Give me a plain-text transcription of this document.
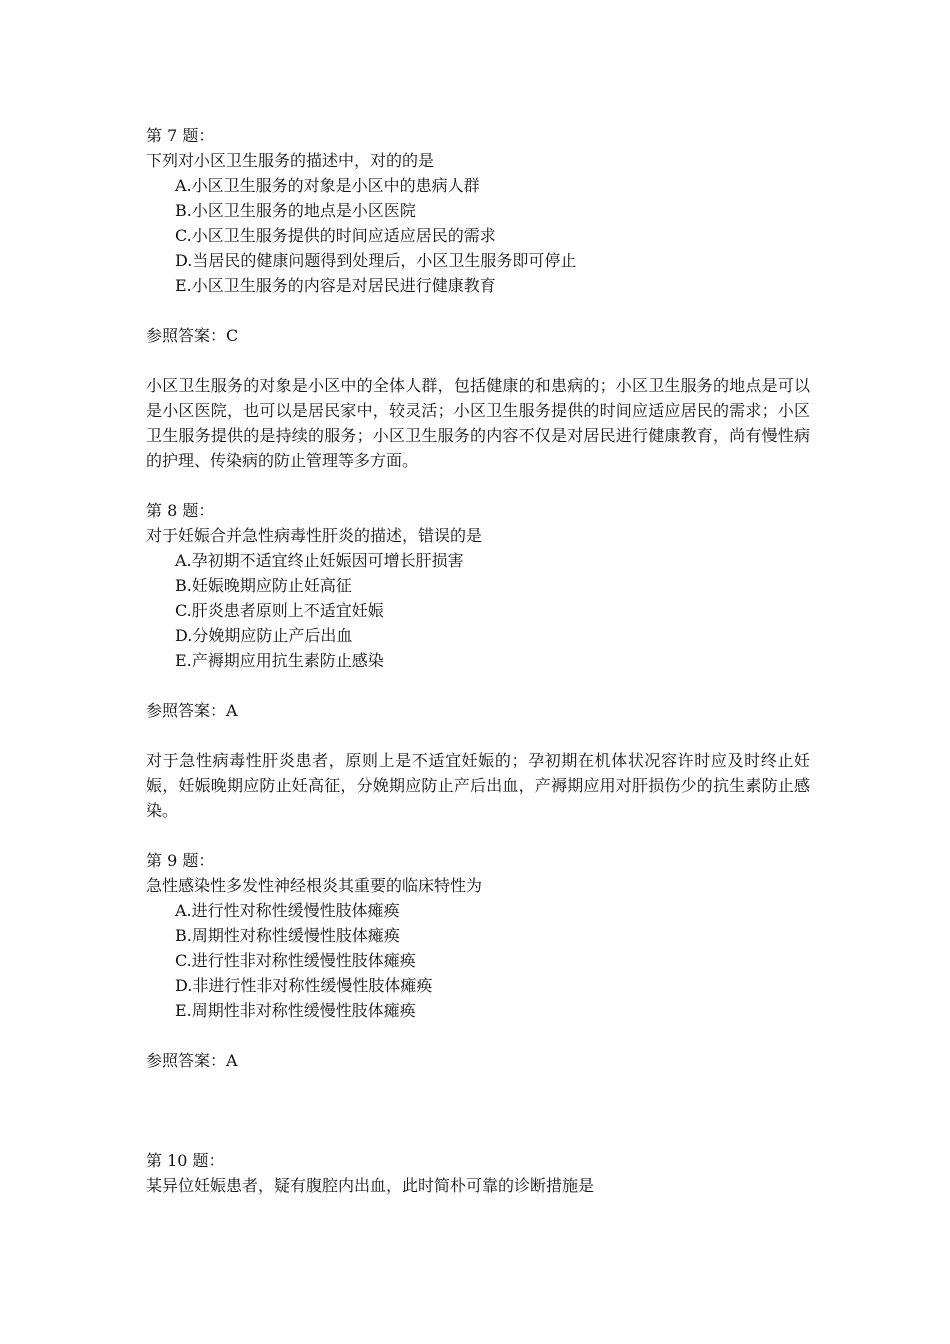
第 7 题：

下列对小区卫生服务的描述中，对的的是

A.小区卫生服务的对象是小区中的患病人群
B.小区卫生服务的地点是小区医院
C.小区卫生服务提供的时间应适应居民的需求
D.当居民的健康问题得到处理后，小区卫生服务即可停止
E.小区卫生服务的内容是对居民进行健康教育

参照答案：C

小区卫生服务的对象是小区中的全体人群，包括健康的和患病的；小区卫生服务的地点是可以是小区医院，也可以是居民家中，较灵活；小区卫生服务提供的时间应适应居民的需求；小区卫生服务提供的是持续的服务；小区卫生服务的内容不仅是对居民进行健康教育，尚有慢性病的护理、传染病的防止管理等多方面。

第 8 题：

对于妊娠合并急性病毒性肝炎的描述，错误的是

A.孕初期不适宜终止妊娠因可增长肝损害
B.妊娠晚期应防止妊高征
C.肝炎患者原则上不适宜妊娠
D.分娩期应防止产后出血
E.产褥期应用抗生素防止感染

参照答案：A

对于急性病毒性肝炎患者，原则上是不适宜妊娠的；孕初期在机体状况容许时应及时终止妊娠，妊娠晚期应防止妊高征，分娩期应防止产后出血，产褥期应用对肝损伤少的抗生素防止感染。

第 9 题：

急性感染性多发性神经根炎其重要的临床特性为

A.进行性对称性缓慢性肢体瘫痪
B.周期性对称性缓慢性肢体瘫痪
C.进行性非对称性缓慢性肢体瘫痪
D.非进行性非对称性缓慢性肢体瘫痪
E.周期性非对称性缓慢性肢体瘫痪

参照答案：A

第 10 题：

某异位妊娠患者，疑有腹腔内出血，此时简朴可靠的诊断措施是
